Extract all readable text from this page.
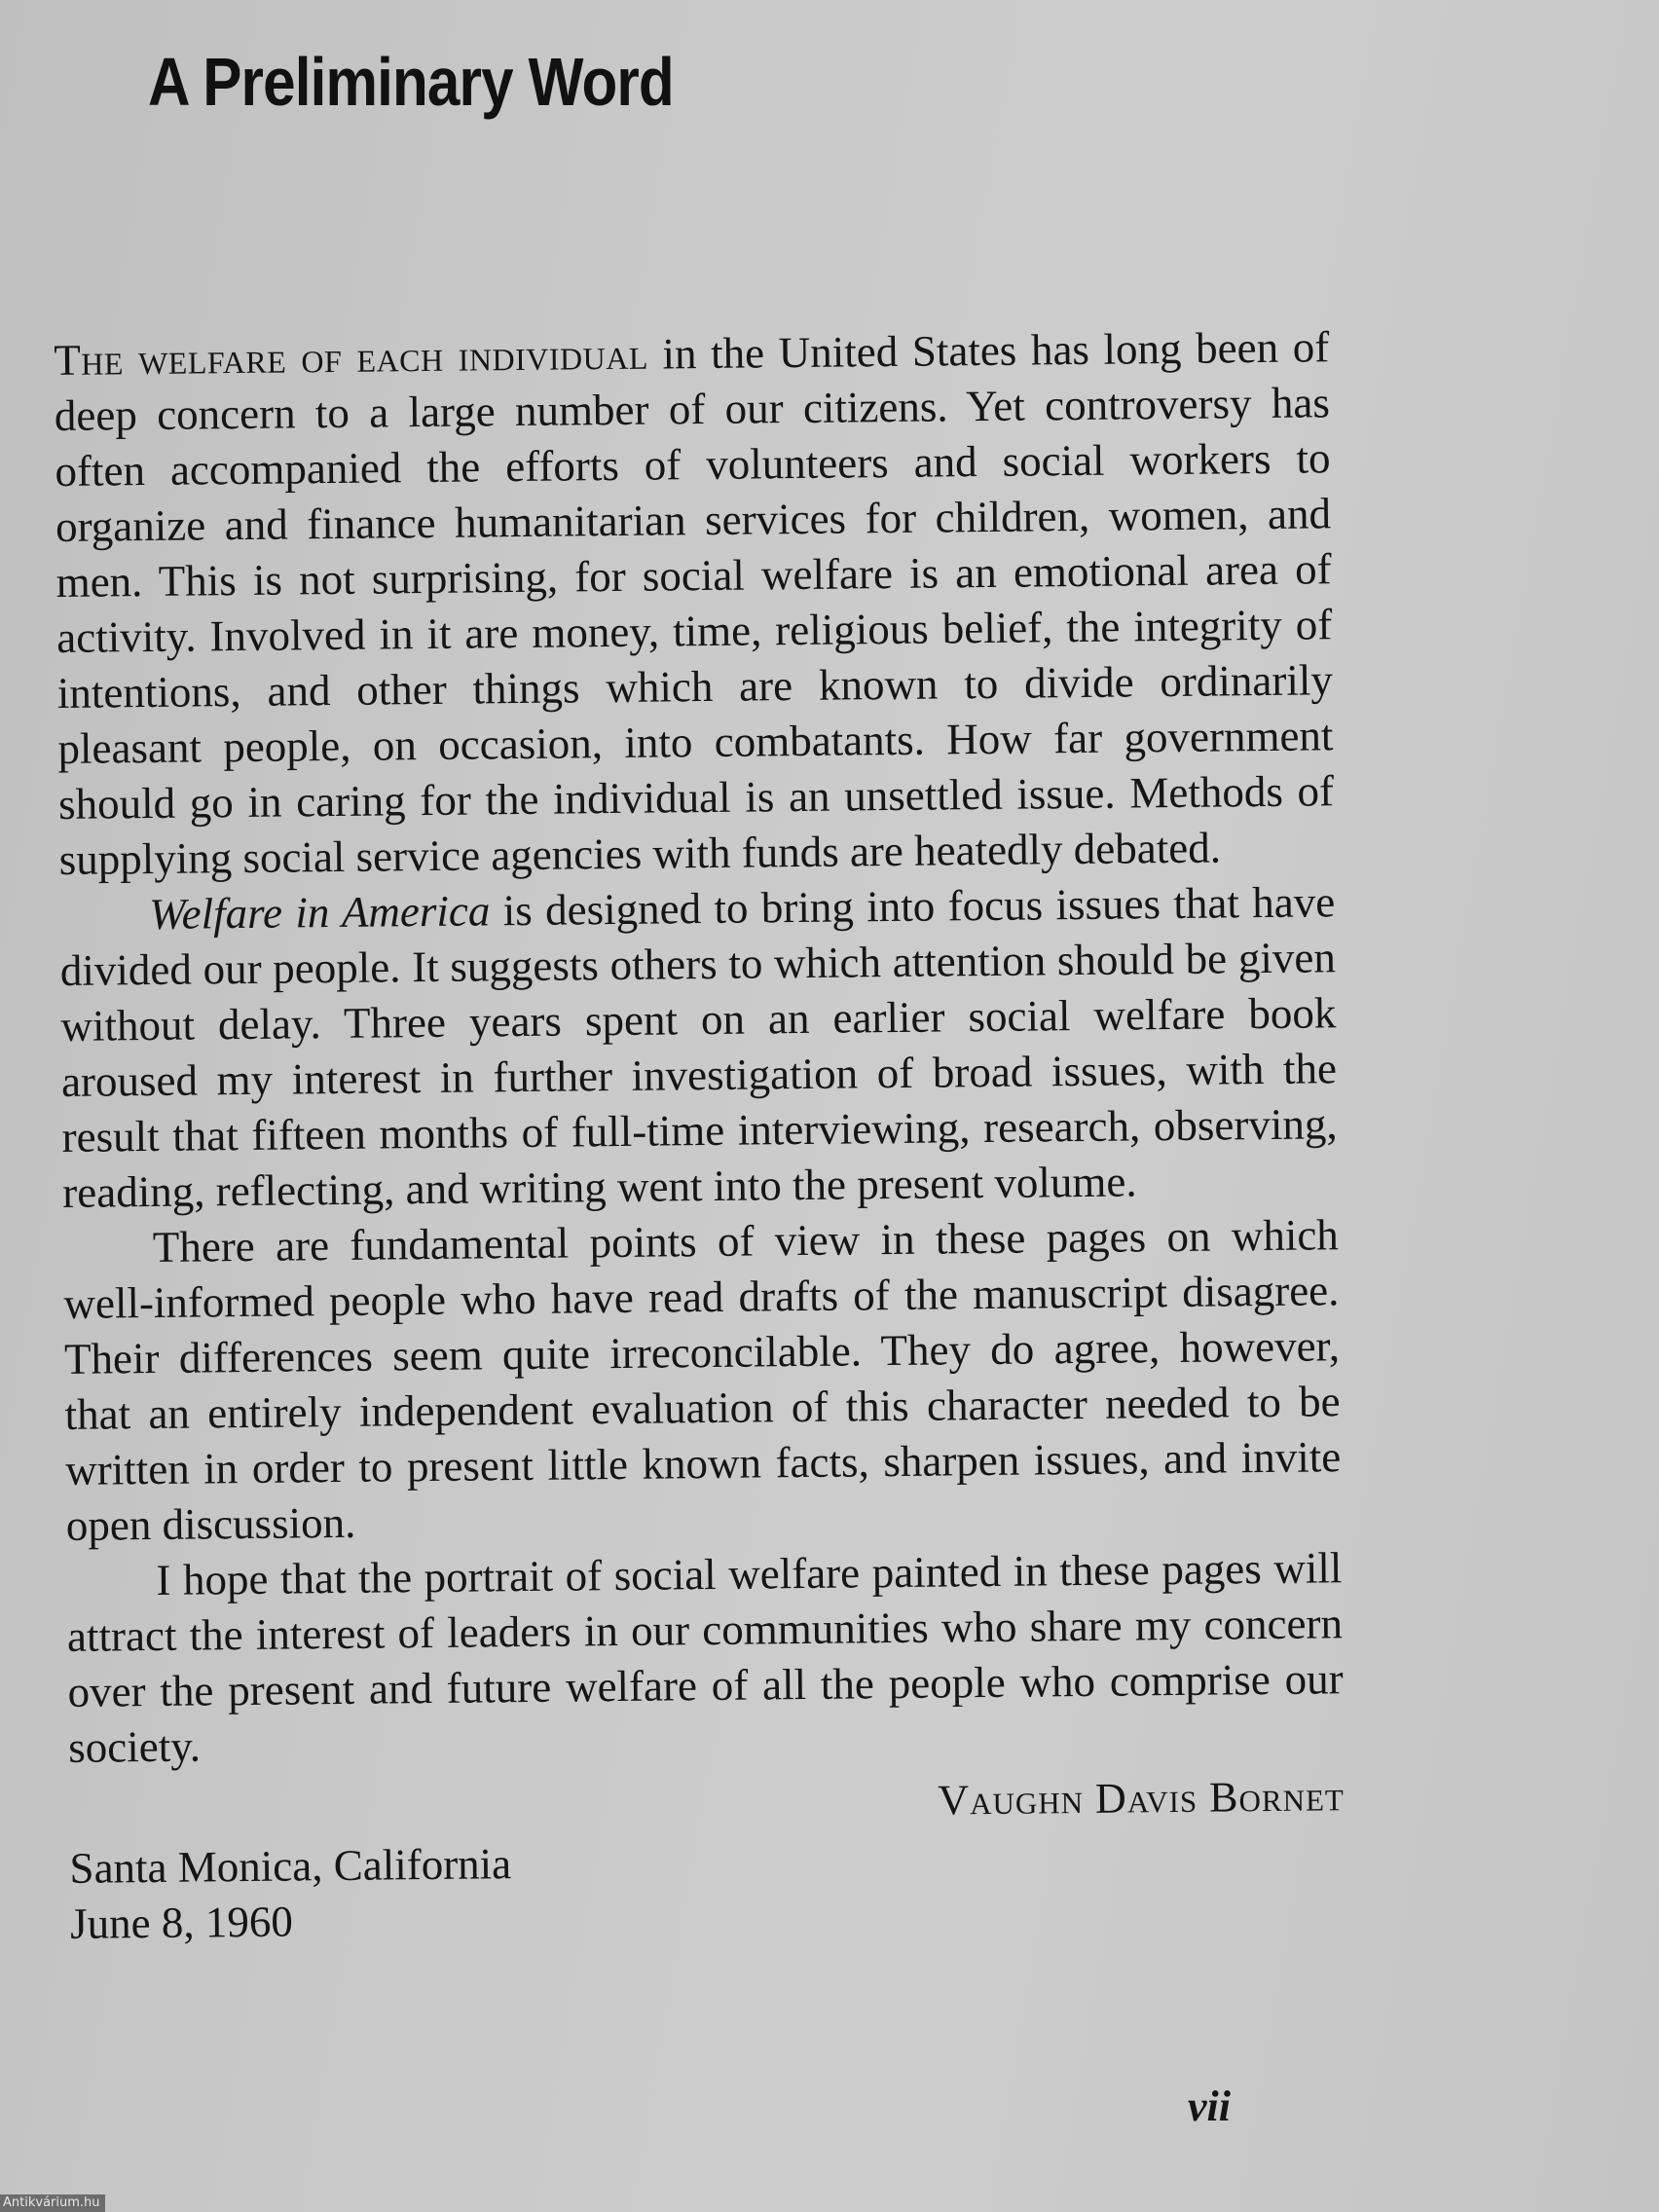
A Preliminary Word

The welfare of each individual in the United States has long been of deep concern to a large number of our citizens. Yet controversy has often accompanied the efforts of volunteers and social workers to organize and finance humanitarian services for children, women, and men. This is not surprising, for social welfare is an emotional area of activity. Involved in it are money, time, religious belief, the integrity of intentions, and other things which are known to divide ordinarily pleasant people, on occasion, into combatants. How far government should go in caring for the individual is an unsettled issue. Methods of supplying social service agencies with funds are heatedly debated.

Welfare in America is designed to bring into focus issues that have divided our people. It suggests others to which attention should be given without delay. Three years spent on an earlier social welfare book aroused my interest in further investigation of broad issues, with the result that fifteen months of full-time interviewing, research, observing, reading, reflecting, and writing went into the present volume.

There are fundamental points of view in these pages on which well-informed people who have read drafts of the manuscript disagree. Their differences seem quite irreconcilable. They do agree, however, that an entirely independent evaluation of this character needed to be written in order to present little known facts, sharpen issues, and invite open discussion.

I hope that the portrait of social welfare painted in these pages will attract the interest of leaders in our communities who share my concern over the present and future welfare of all the people who comprise our society.

Vaughn Davis Bornet
Santa Monica, California
June 8, 1960
vii
Antikvárium.hu
